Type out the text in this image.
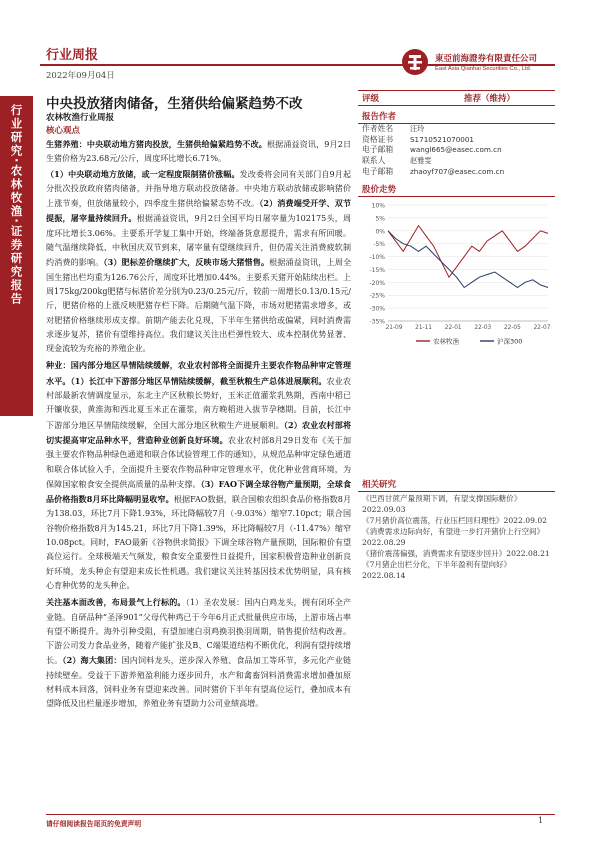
行业研究·农林牧渔·证券研究报告
行业周报
2022年09月04日
東亞前海證券有限責任公司
East Asia Qianhai Securities Co., Ltd.
中央投放猪肉储备，生猪供给偏紧趋势不改
农林牧渔行业周报
核心观点

生猪养殖：中央联动地方猪肉投放，生猪供给偏紧趋势不改。根据涌益资讯，9月2日生猪价格为23.68元/公斤，周度环比增长6.71%。

（1）中央联动地方放储，或一定程度限制猪价涨幅。发改委将会同有关部门自9月起分批次投放政府猪肉储备，并指导地方联动投放储备。中央地方联动放储或影响猪价上涨节奏，但放储量较小，四季度生猪供给偏紧态势不改。（2）消费端受开学、双节提振，屠宰量持续回升。根据涌益资讯，9月2日全国平均日屠宰量为102175头，周度环比增长3.06%。主要系开学复工集中开始，终端备货意愿提升，需求有所回暖。随气温继续降低、中秋国庆双节到来，屠宰量有望继续回升，但仍需关注消费疲软制约消费的影响。（3）肥标差价继续扩大，反映市场大猪惜售。根据涌益资讯，上周全国生猪出栏均重为126.76公斤，周度环比增加0.44%。主要系天猪开始陆续出栏。上周175kg/200kg肥猪与标猪价差分别为0.23/0.25元/斤，较前一周增长0.13/0.15元/斤，肥猪价格的上涨反映肥猪存栏下降。后期随气温下降，市场对肥猪需求增多，或对肥猪价格继续形成支撑。前期产能去化兑现，下半年生猪供给或偏紧，同时消费需求逐步复苏，猪价有望维持高位。我们建议关注出栏弹性较大、成本控制优势显著、现金流较为充裕的养殖企业。

种业：国内部分地区旱情陆续缓解，农业农村部将全面提升主要农作物品种审定管理水平。（1）长江中下游部分地区旱情陆续缓解，截至秋粮生产总体进展顺利。农业农村部最新农情调度显示，东北主产区秋粮长势好，玉米正值灌浆乳熟期，西南中稻已开镰收获，黄淮海和西北夏玉米正在灌浆，南方晚稻进入拔节孕穗期。目前，长江中下游部分地区旱情陆续缓解，全国大部分地区秋粮生产进展顺利。（2）农业农村部将切实提高审定品种水平，营造种业创新良好环境。农业农村部8月29日发布《关于加强主要农作物品种绿色通道和联合体试验管理工作的通知》，从规范品种审定绿色通道和联合体试验入手，全面提升主要农作物品种审定管理水平，优化种业营商环境，为保障国家粮食安全提供高质量的品种支撑。（3）FAO下调全球谷物产量预期，全球食品价格指数8月环比降幅明显收窄。根据FAO数据，联合国粮农组织食品价格指数8月为138.03，环比7月下降1.93%，环比降幅较7月（-9.03%）缩窄7.10pct；联合国谷物价格指数8月为145.21，环比7月下降1.39%，环比降幅较7月（-11.47%）缩窄10.08pct。同时，FAO最新《谷物供求简报》下调全球谷物产量预期，国际粮价有望高位运行。全球极端天气频发，粮食安全重要性日益提升，国家积极营造种业创新良好环境，龙头种企有望迎来成长性机遇。我们建议关注转基因技术优势明显，具有核心育种优势的龙头种企。

关注基本面改善，布局景气上行标的。（1）圣农发展：国内白鸡龙头，拥有闭环全产业链。自研品种“圣泽901”父母代种鸡已于今年6月正式批量供应市场，上游市场占率有望不断提升。海外引种受阻，有望加速白羽鸡换羽换羽周期，销售提价结构改善。下游公司发力食品业务，随着产能扩张及B、C端渠道结构不断优化，利润有望持续增长。（2）海大集团：国内饲料龙头，逆步深入养殖、食品加工等环节，多元化产业链持续壁垒。受益于下游养殖盈利能力逐步回升，水产和禽畜饲料消费需求增加叠加原材料成本回落，饲料业务有望迎来改善。同时猪价下半年有望高位运行，叠加成本有望降低及出栏量逐步增加，养殖业务有望助力公司业绩高增。

评级	推荐（维持）
报告作者
作者姓名	汪玲
资格证书	S1710521070001
电子邮箱	wangl665@easec.com.cn
联系人	赵雅雯
电子邮箱	zhaoyf707@easec.com.cn
股价走势
10%
5%
0%
-5%
-10%
-15%
-20%
-25%
-30%
-35%
21-09 21-11 22-01 22-03 22-05 22-07
农林牧渔	沪深300
相关研究
《巴西甘蔗产量预期下调，有望支撑国际糖价》2022.09.03
《7月猪价高位震荡，行业压栏回归理性》2022.09.02
《消费需求边际向好，有望进一步打开猪价上行空间》2022.08.29
《猪价震荡偏强，消费需求有望逐步回升》2022.08.21
《7月猪企出栏分化，下半年盈利有望向好》2022.08.14
请仔细阅读报告尾页的免责声明	1
